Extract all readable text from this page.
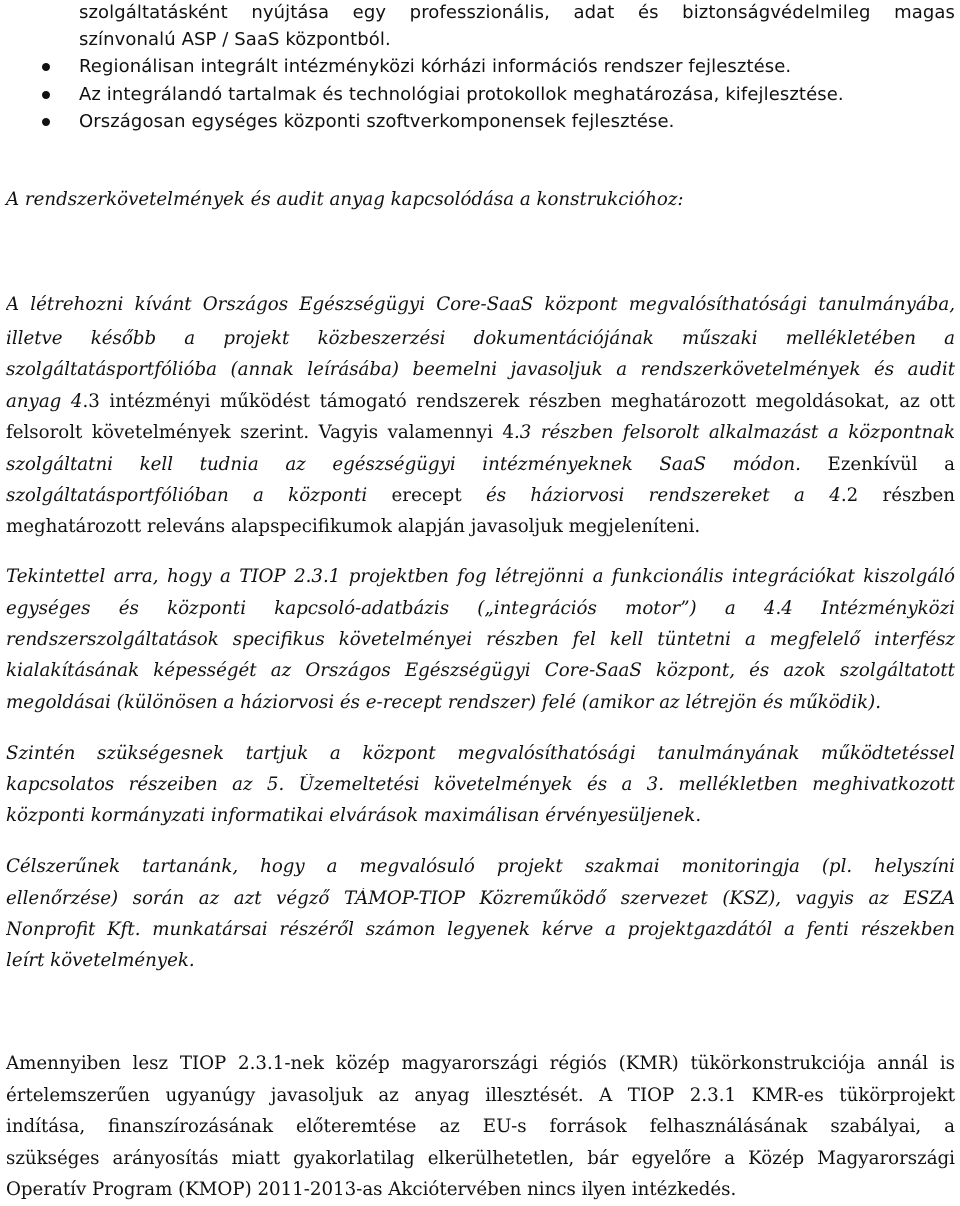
szolgáltatásként nyújtása egy professzionális, adat és biztonságvédelmileg magas
színvonalú ASP / SaaS központból.
Regionálisan integrált intézményközi kórházi információs rendszer fejlesztése.
Az integrálandó tartalmak és technológiai protokollok meghatározása, kifejlesztése.
Országosan egységes központi szoftverkomponensek fejlesztése.
A rendszerkövetelmények és audit anyag kapcsolódása a konstrukcióhoz:
A létrehozni kívánt Országos Egészségügyi Core-SaaS központ megvalósíthatósági tanulmányába,
illetve később a projekt közbeszerzési dokumentációjának műszaki mellékletében a
szolgáltatásportfólióba (annak leírásába) beemelni javasoljuk a rendszerkövetelmények és audit
anyag 4.3 intézményi működést támogató rendszerek részben meghatározott megoldásokat, az ott
felsorolt követelmények szerint. Vagyis valamennyi 4.3 részben felsorolt alkalmazást a központnak
szolgáltatni kell tudnia az egészségügyi intézményeknek SaaS módon. Ezenkívül a
szolgáltatásportfólióban a központi erecept és háziorvosi rendszereket a 4.2 részben
meghatározott releváns alapspecifikumok alapján javasoljuk megjeleníteni.
Tekintettel arra, hogy a TIOP 2.3.1 projektben fog létrejönni a funkcionális integrációkat kiszolgáló
egységes és központi kapcsoló-adatbázis („integrációs motor”) a 4.4 Intézményközi
rendszerszolgáltatások specifikus követelményei részben fel kell tüntetni a megfelelő interfész
kialakításának képességét az Országos Egészségügyi Core-SaaS központ, és azok szolgáltatott
megoldásai (különösen a háziorvosi és e-recept rendszer) felé (amikor az létrejön és működik).
Szintén szükségesnek tartjuk a központ megvalósíthatósági tanulmányának működtetéssel
kapcsolatos részeiben az 5. Üzemeltetési követelmények és a 3. mellékletben meghivatkozott
központi kormányzati informatikai elvárások maximálisan érvényesüljenek.
Célszerűnek tartanánk, hogy a megvalósuló projekt szakmai monitoringja (pl. helyszíni
ellenőrzése) során az azt végző TÁMOP-TIOP Közreműködő szervezet (KSZ), vagyis az ESZA
Nonprofit Kft. munkatársai részéről számon legyenek kérve a projektgazdától a fenti részekben
leírt követelmények.
Amennyiben lesz TIOP 2.3.1-nek közép magyarországi régiós (KMR) tükörkonstrukciója annál is
értelemszerűen ugyanúgy javasoljuk az anyag illesztését. A TIOP 2.3.1 KMR-es tükörprojekt
indítása, finanszírozásának előteremtése az EU-s források felhasználásának szabályai, a
szükséges arányosítás miatt gyakorlatilag elkerülhetetlen, bár egyelőre a Közép Magyarországi
Operatív Program (KMOP) 2011-2013-as Akciótervében nincs ilyen intézkedés.
